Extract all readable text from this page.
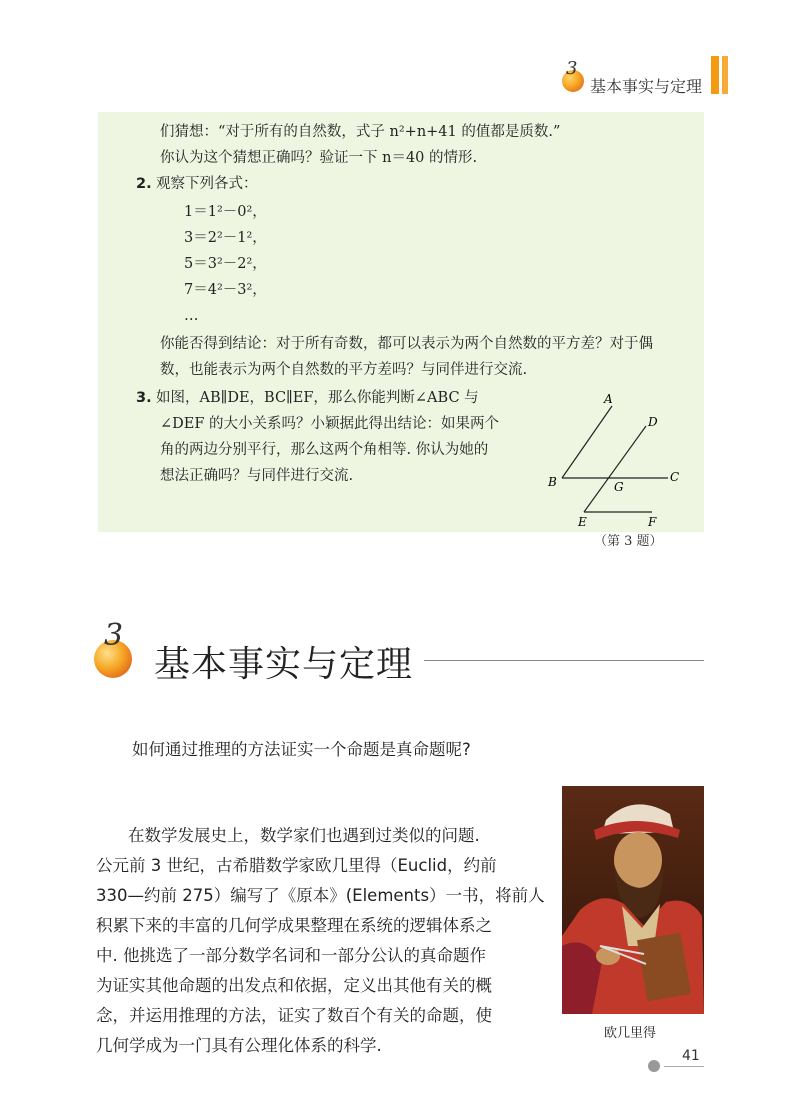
3
基本事实与定理
们猜想：“对于所有的自然数，式子 n²+n+41 的值都是质数.”
你认为这个猜想正确吗？验证一下 n＝40 的情形.
2. 观察下列各式：
1＝1²－0²，
3＝2²－1²，
5＝3²－2²，
7＝4²－3²，
…
你能否得到结论：对于所有奇数，都可以表示为两个自然数的平方差？对于偶
数，也能表示为两个自然数的平方差吗？与同伴进行交流.
3. 如图，AB∥DE，BC∥EF，那么你能判断∠ABC 与
∠DEF 的大小关系吗？小颖据此得出结论：如果两个
角的两边分别平行，那么这两个角相等. 你认为她的
想法正确吗？与同伴进行交流.
A
D
B	C
G
E	F
（第 3 题）
3
基本事实与定理
如何通过推理的方法证实一个命题是真命题呢?
在数学发展史上，数学家们也遇到过类似的问题.
公元前 3 世纪，古希腊数学家欧几里得（Euclid，约前
330—约前 275）编写了《原本》(Elements）一书，将前人
积累下来的丰富的几何学成果整理在系统的逻辑体系之
中. 他挑选了一部分数学名词和一部分公认的真命题作
为证实其他命题的出发点和依据，定义出其他有关的概
念，并运用推理的方法，证实了数百个有关的命题，使
几何学成为一门具有公理化体系的科学.
欧几里得
41
